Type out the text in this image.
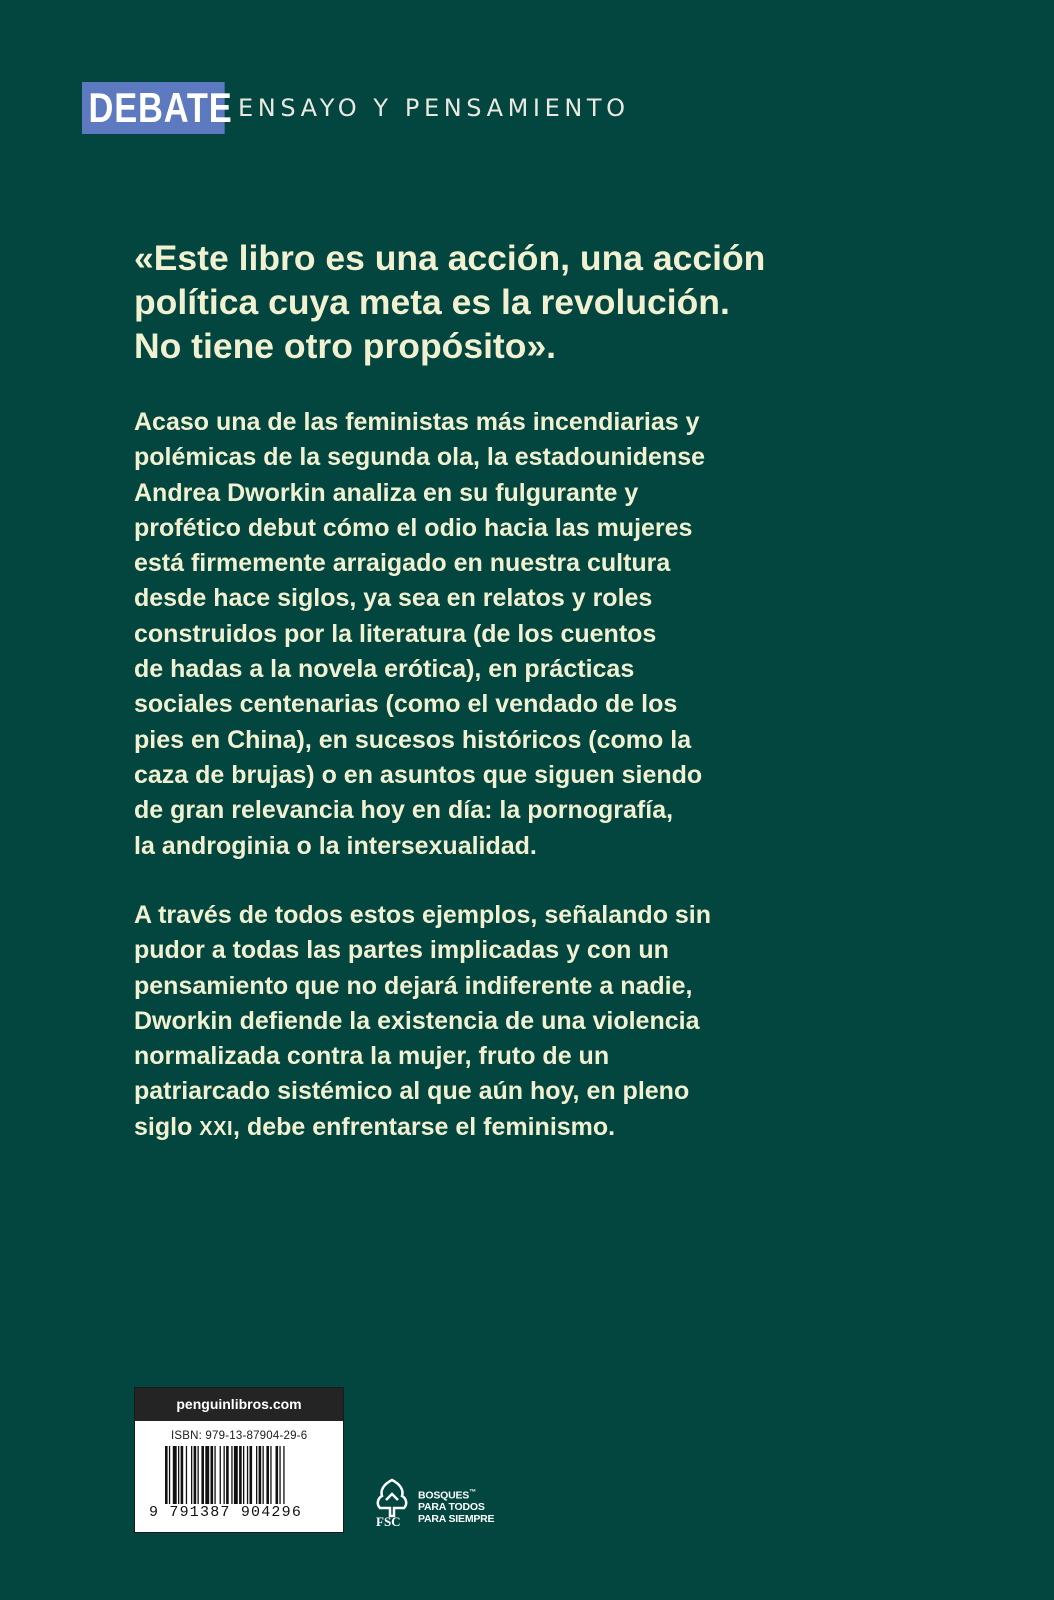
DEBATE ENSAYO Y PENSAMIENTO
«Este libro es una acción, una acción
política cuya meta es la revolución.
No tiene otro propósito».
Acaso una de las feministas más incendiarias y
polémicas de la segunda ola, la estadounidense
Andrea Dworkin analiza en su fulgurante y
profético debut cómo el odio hacia las mujeres
está firmemente arraigado en nuestra cultura
desde hace siglos, ya sea en relatos y roles
construidos por la literatura (de los cuentos
de hadas a la novela erótica), en prácticas
sociales centenarias (como el vendado de los
pies en China), en sucesos históricos (como la
caza de brujas) o en asuntos que siguen siendo
de gran relevancia hoy en día: la pornografía,
la androginia o la intersexualidad.
A través de todos estos ejemplos, señalando sin
pudor a todas las partes implicadas y con un
pensamiento que no dejará indiferente a nadie,
Dworkin defiende la existencia de una violencia
normalizada contra la mujer, fruto de un
patriarcado sistémico al que aún hoy, en pleno
siglo XXI, debe enfrentarse el feminismo.
penguinlibros.com
ISBN: 979-13-87904-29-6
9 791387 904296
FSC
BOSQUES™
PARA TODOS
PARA SIEMPRE
